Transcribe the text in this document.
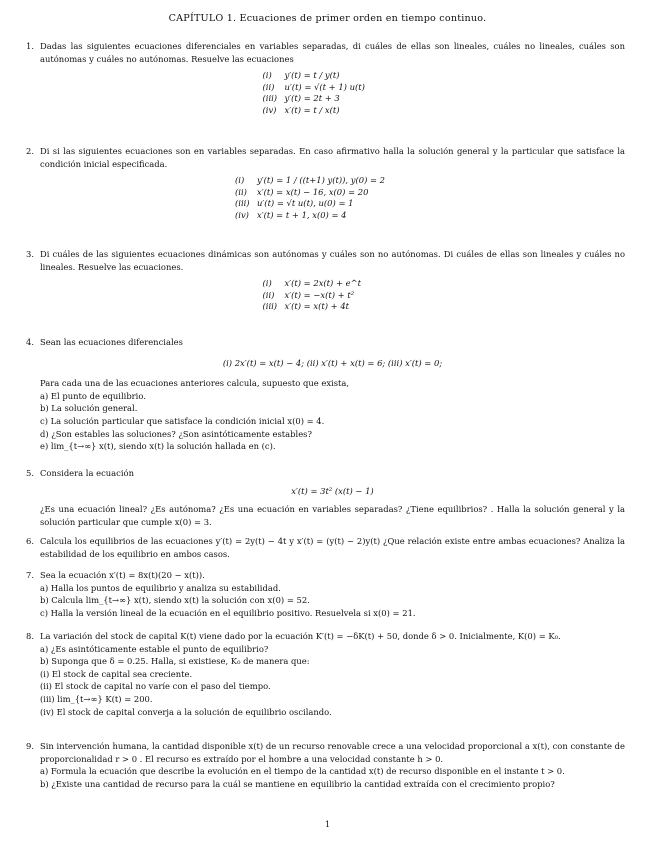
CAPÍTULO 1. Ecuaciones de primer orden en tiempo continuo.
1. Dadas las siguientes ecuaciones diferenciales en variables separadas, di cuáles de ellas son lineales, cuáles no lineales, cuáles son autónomas y cuáles no autónomas. Resuelve las ecuaciones
(i)	y′(t) = t / y(t)
(ii)	u′(t) = √(t + 1) u(t)
(iii) y′(t) = 2t + 3
(iv) x′(t) = t / x(t)
2. Di si las siguientes ecuaciones son en variables separadas. En caso afirmativo halla la solución general y la particular que satisface la condición inicial especificada.
(i)	y′(t) = 1 / ((t+1) y(t)), y(0) = 2
(ii)	x′(t) = x(t) − 16, x(0) = 20
(iii) u′(t) = √t u(t), u(0) = 1
(iv) x′(t) = t + 1, x(0) = 4
3. Di cuáles de las siguientes ecuaciones dinámicas son autónomas y cuáles son no autónomas. Di cuáles de ellas son lineales y cuáles no lineales. Resuelve las ecuaciones.
(i)	x′(t) = 2x(t) + e^t
(ii)	x′(t) = −x(t) + t²
(iii) x′(t) = x(t) + 4t
4. Sean las ecuaciones diferenciales
(i) 2x′(t) = x(t) − 4; (ii) x′(t) + x(t) = 6; (iii) x′(t) = 0;
Para cada una de las ecuaciones anteriores calcula, supuesto que exista,
a) El punto de equilibrio.
b) La solución general.
c) La solución particular que satisface la condición inicial x(0) = 4.
d) ¿Son estables las soluciones? ¿Son asintóticamente estables?
e) lim_{t→∞} x(t), siendo x(t) la solución hallada en (c).
5. Considera la ecuación
x′(t) = 3t² (x(t) − 1)
¿Es una ecuación lineal? ¿Es autónoma? ¿Es una ecuación en variables separadas? ¿Tiene equilibrios? . Halla la solución general y la solución particular que cumple x(0) = 3.
6. Calcula los equilibrios de las ecuaciones y′(t) = 2y(t) − 4t y x′(t) = (y(t) − 2)y(t) ¿Que relación existe entre ambas ecuaciones? Analiza la estabilidad de los equilibrio en ambos casos.
7. Sea la ecuación x′(t) = 8x(t)(20 − x(t)).
a) Halla los puntos de equilibrio y analiza su estabilidad.
b) Calcula lim_{t→∞} x(t), siendo x(t) la solución con x(0) = 52.
c) Halla la versión lineal de la ecuación en el equilibrio positivo. Resuelvela si x(0) = 21.
8. La variación del stock de capital K(t) viene dado por la ecuación K′(t) = −δK(t) + 50, donde δ > 0. Inicialmente, K(0) = K₀.
a) ¿Es asintóticamente estable el punto de equilibrio?
b) Suponga que δ = 0.25. Halla, si existiese, K₀ de manera que:
(i) El stock de capital sea creciente.
(ii) El stock de capital no varíe con el paso del tiempo.
(iii) lim_{t→∞} K(t) = 200.
(iv) El stock de capital converja a la solución de equilibrio oscilando.
9. Sin intervención humana, la cantidad disponible x(t) de un recurso renovable crece a una velocidad proporcional a x(t), con constante de proporcionalidad r > 0 . El recurso es extraído por el hombre a una velocidad constante h > 0.
a) Formula la ecuación que describe la evolución en el tiempo de la cantidad x(t) de recurso disponible en el instante t > 0.
b) ¿Existe una cantidad de recurso para la cuál se mantiene en equilibrio la cantidad extraída con el crecimiento propio?
1
